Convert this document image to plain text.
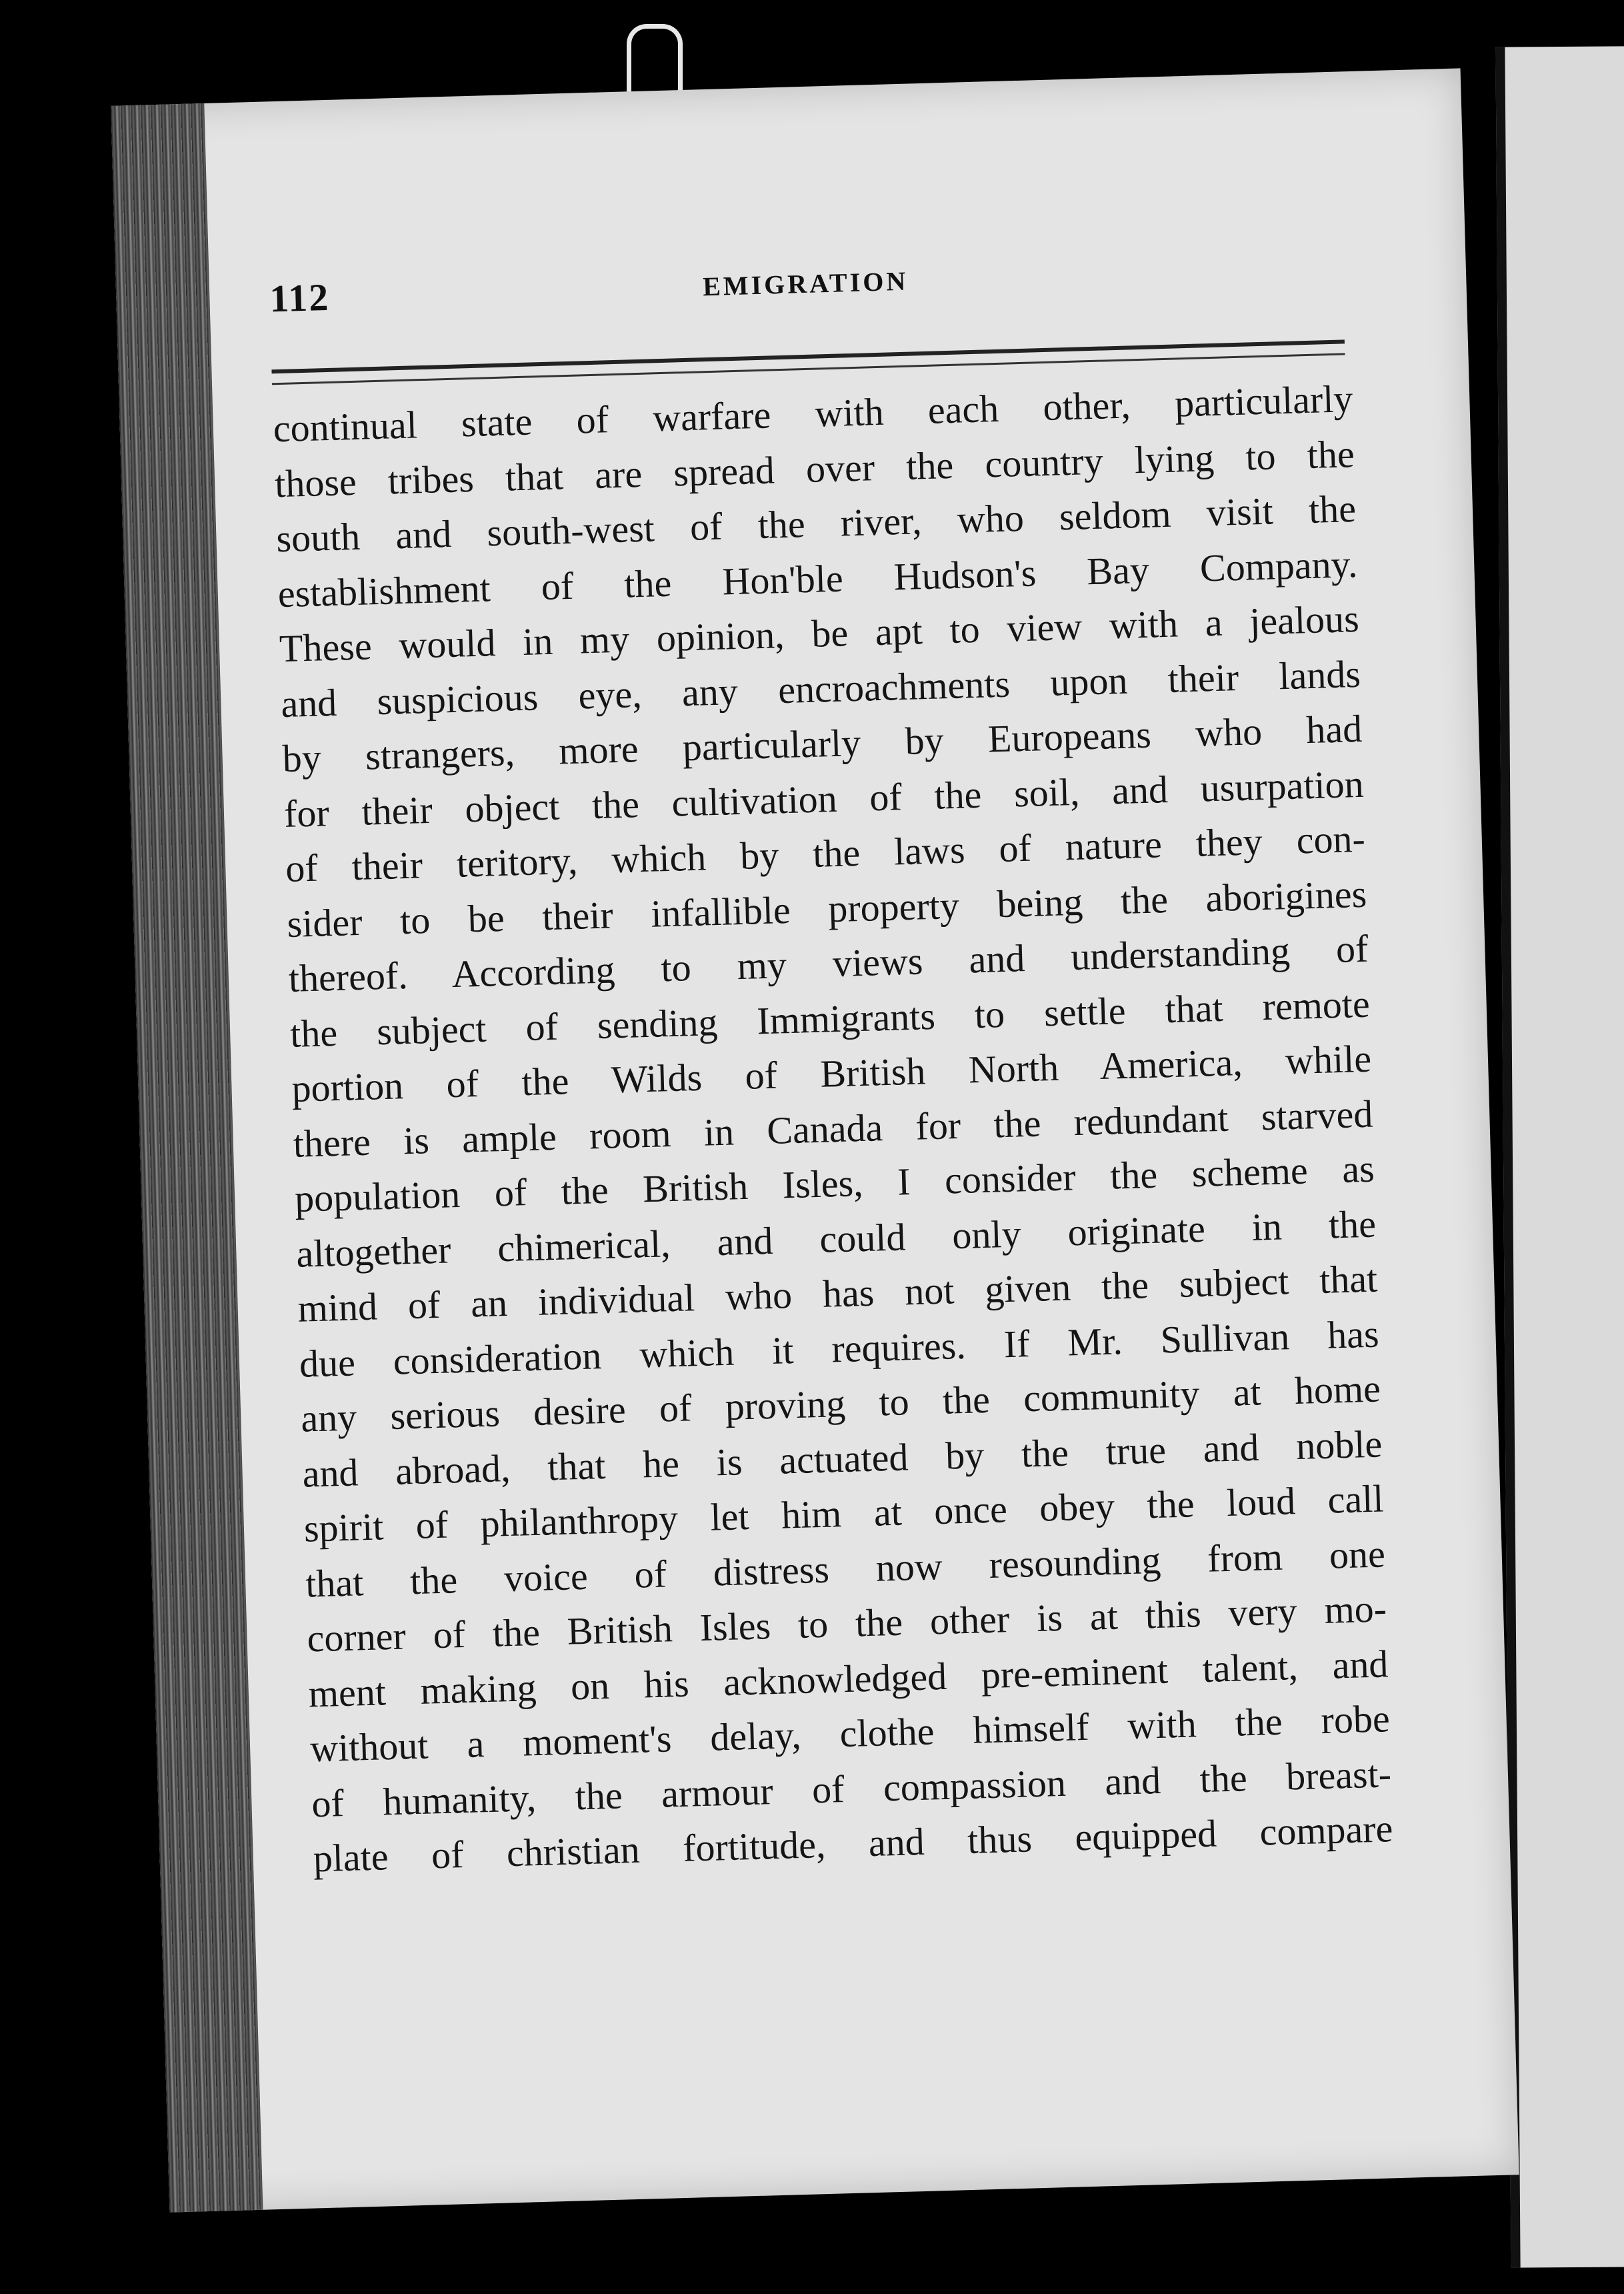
112	EMIGRATION
continual state of warfare with each other, particularly
those tribes that are spread over the country lying to the
south and south-west of the river, who seldom visit the
establishment of the Hon'ble Hudson's Bay Company.
These would in my opinion, be apt to view with a jealous
and suspicious eye, any encroachments upon their lands
by strangers, more particularly by Europeans who had
for their object the cultivation of the soil, and usurpation
of their teritory, which by the laws of nature they con-
sider to be their infallible property being the aborigines
thereof. According to my views and understanding of
the subject of sending Immigrants to settle that remote
portion of the Wilds of British North America, while
there is ample room in Canada for the redundant starved
population of the British Isles, I consider the scheme as
altogether chimerical, and could only originate in the
mind of an individual who has not given the subject that
due consideration which it requires. If Mr. Sullivan has
any serious desire of proving to the community at home
and abroad, that he is actuated by the true and noble
spirit of philanthropy let him at once obey the loud call
that the voice of distress now resounding from one
corner of the British Isles to the other is at this very mo-
ment making on his acknowledged pre-eminent talent, and
without a moment's delay, clothe himself with the robe
of humanity, the armour of compassion and the breast-
plate of christian fortitude, and thus equipped compare
